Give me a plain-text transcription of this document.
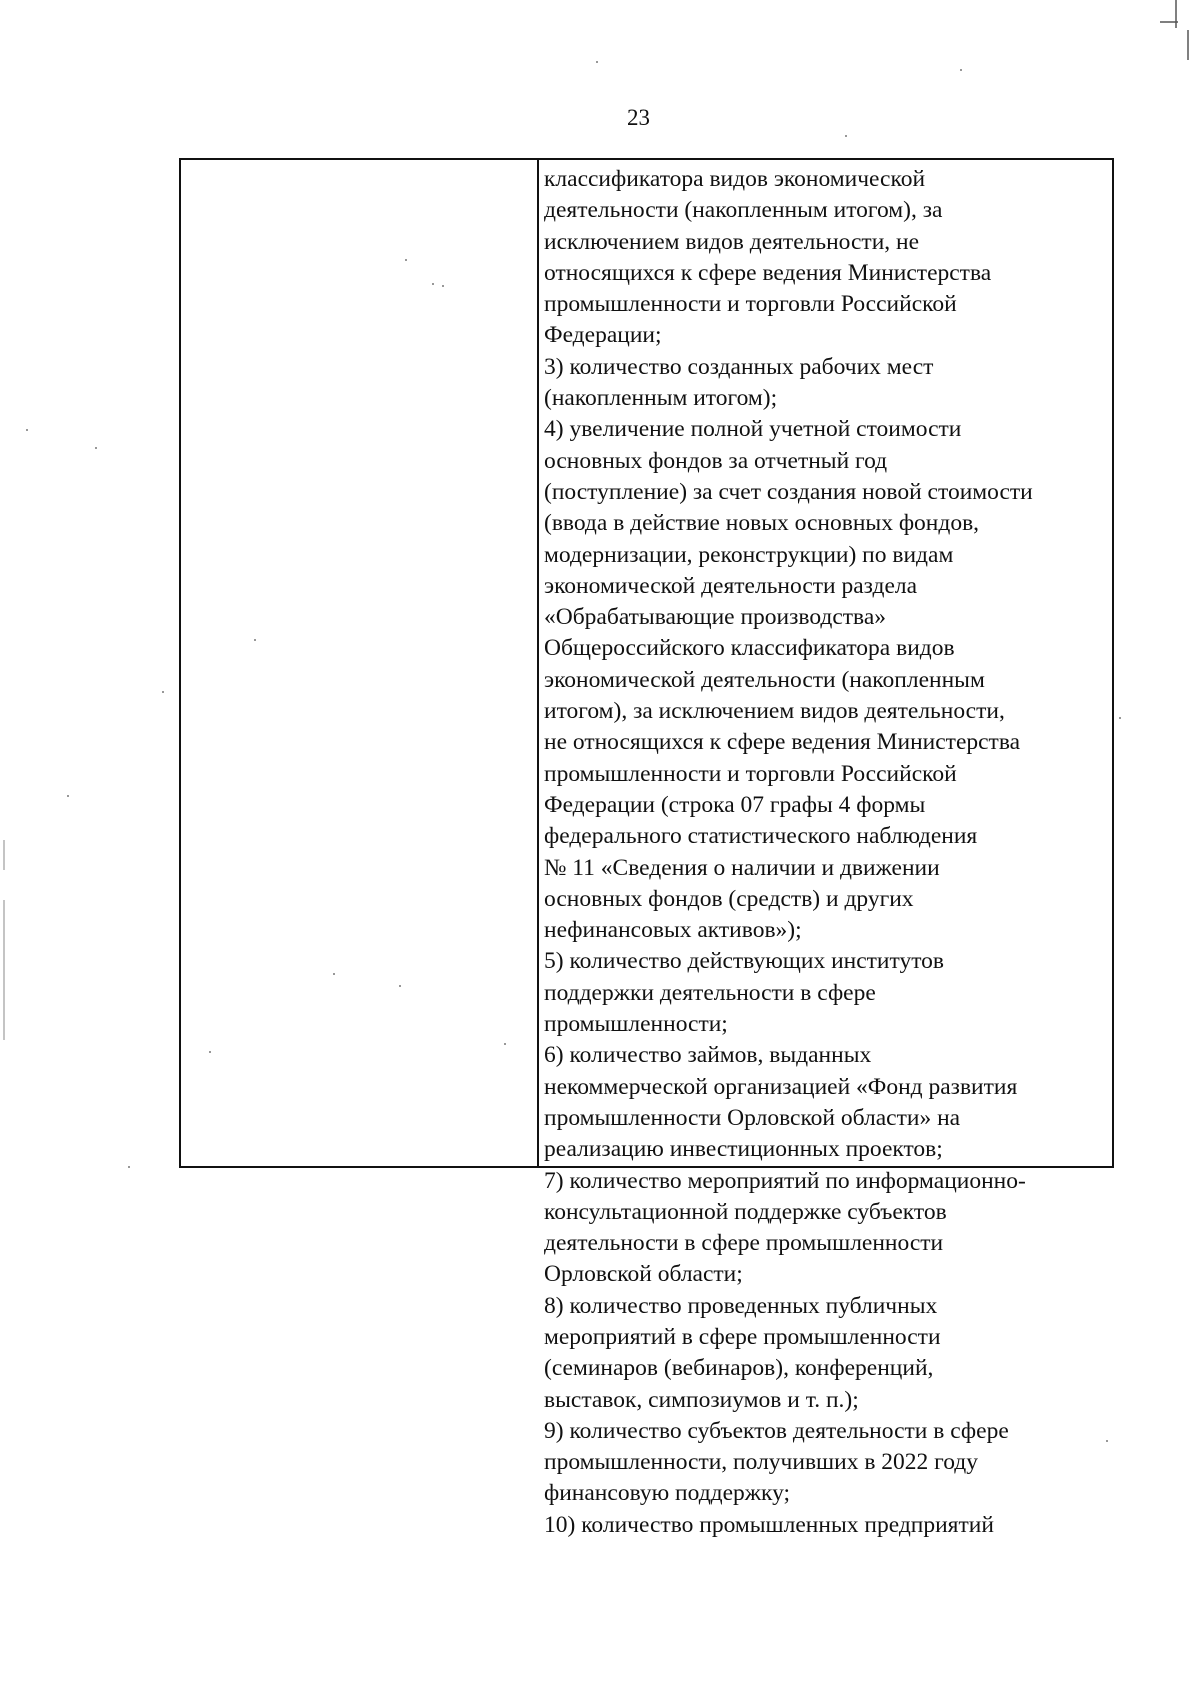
23
классификатора видов экономической
деятельности (накопленным итогом), за
исключением видов деятельности, не
относящихся к сфере ведения Министерства
промышленности и торговли Российской
Федерации;
3) количество созданных рабочих мест
(накопленным итогом);
4) увеличение полной учетной стоимости
основных фондов за отчетный год
(поступление) за счет создания новой стоимости
(ввода в действие новых основных фондов,
модернизации, реконструкции) по видам
экономической деятельности раздела
«Обрабатывающие производства»
Общероссийского классификатора видов
экономической деятельности (накопленным
итогом), за исключением видов деятельности,
не относящихся к сфере ведения Министерства
промышленности и торговли Российской
Федерации (строка 07 графы 4 формы
федерального статистического наблюдения
№ 11 «Сведения о наличии и движении
основных фондов (средств) и других
нефинансовых активов»);
5) количество действующих институтов
поддержки деятельности в сфере
промышленности;
6) количество займов, выданных
некоммерческой организацией «Фонд развития
промышленности Орловской области» на
реализацию инвестиционных проектов;
7) количество мероприятий по информационно-
консультационной поддержке субъектов
деятельности в сфере промышленности
Орловской области;
8) количество проведенных публичных
мероприятий в сфере промышленности
(семинаров (вебинаров), конференций,
выставок, симпозиумов и т. п.);
9) количество субъектов деятельности в сфере
промышленности, получивших в 2022 году
финансовую поддержку;
10) количество промышленных предприятий
